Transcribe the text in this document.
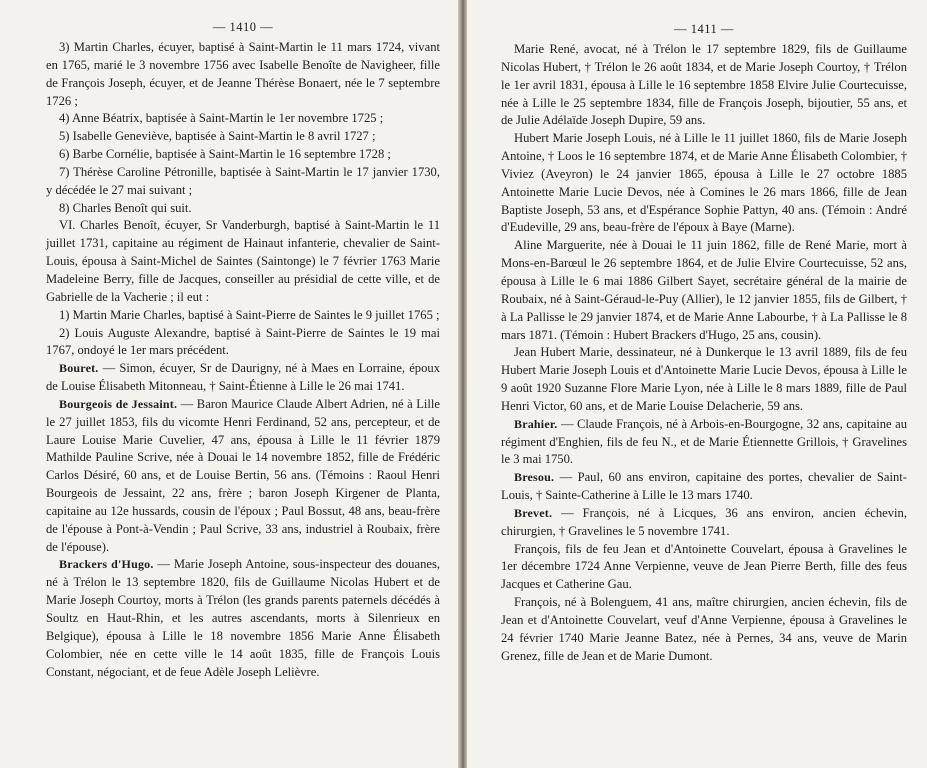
— 1410 —

3) Martin Charles, écuyer, baptisé à Saint-Martin le 11 mars 1724, vivant en 1765, marié le 3 novembre 1756 avec Isabelle Benoîte de Navigheer, fille de François Joseph, écuyer, et de Jeanne Thérèse Bonaert, née le 7 septembre 1726 ;

4) Anne Béatrix, baptisée à Saint-Martin le 1er novembre 1725 ;

5) Isabelle Geneviève, baptisée à Saint-Martin le 8 avril 1727 ;

6) Barbe Cornélie, baptisée à Saint-Martin le 16 septembre 1728 ;

7) Thérèse Caroline Pétronille, baptisée à Saint-Martin le 17 janvier 1730, y décédée le 27 mai suivant ;

8) Charles Benoît qui suit.

VI. Charles Benoît, écuyer, Sr Vanderburgh, baptisé à Saint-Martin le 11 juillet 1731, capitaine au régiment de Hainaut infanterie, chevalier de Saint-Louis, épousa à Saint-Michel de Saintes (Saintonge) le 7 février 1763 Marie Madeleine Berry, fille de Jacques, conseiller au présidial de cette ville, et de Gabrielle de la Vacherie ; il eut :

1) Martin Marie Charles, baptisé à Saint-Pierre de Saintes le 9 juillet 1765 ;

2) Louis Auguste Alexandre, baptisé à Saint-Pierre de Saintes le 19 mai 1767, ondoyé le 1er mars précédent.

Bouret. — Simon, écuyer, Sr de Daurigny, né à Maes en Lorraine, époux de Louise Élisabeth Mitonneau, † Saint-Étienne à Lille le 26 mai 1741.

Bourgeois de Jessaint. — Baron Maurice Claude Albert Adrien, né à Lille le 27 juillet 1853, fils du vicomte Henri Ferdinand, 52 ans, percepteur, et de Laure Louise Marie Cuvelier, 47 ans, épousa à Lille le 11 février 1879 Mathilde Pauline Scrive, née à Douai le 14 novembre 1852, fille de Frédéric Carlos Désiré, 60 ans, et de Louise Bertin, 56 ans. (Témoins : Raoul Henri Bourgeois de Jessaint, 22 ans, frère ; baron Joseph Kirgener de Planta, capitaine au 12e hussards, cousin de l'époux ; Paul Bossut, 48 ans, beau-frère de l'épouse à Pont-à-Vendin ; Paul Scrive, 33 ans, industriel à Roubaix, frère de l'épouse).

Brackers d'Hugo. — Marie Joseph Antoine, sous-inspecteur des douanes, né à Trélon le 13 septembre 1820, fils de Guillaume Nicolas Hubert et de Marie Joseph Courtoy, morts à Trélon (les grands parents paternels décédés à Soultz en Haut-Rhin, et les autres ascendants, morts à Silenrieux en Belgique), épousa à Lille le 18 novembre 1856 Marie Anne Élisabeth Colombier, née en cette ville le 14 août 1835, fille de François Louis Constant, négociant, et de feue Adèle Joseph Lelièvre.

— 1411 —

Marie René, avocat, né à Trélon le 17 septembre 1829, fils de Guillaume Nicolas Hubert, † Trélon le 26 août 1834, et de Marie Joseph Courtoy, † Trélon le 1er avril 1831, épousa à Lille le 16 septembre 1858 Elvire Julie Courtecuisse, née à Lille le 25 septembre 1834, fille de François Joseph, bijoutier, 55 ans, et de Julie Adélaïde Joseph Dupire, 59 ans.

Hubert Marie Joseph Louis, né à Lille le 11 juillet 1860, fils de Marie Joseph Antoine, † Loos le 16 septembre 1874, et de Marie Anne Élisabeth Colombier, † Viviez (Aveyron) le 24 janvier 1865, épousa à Lille le 27 octobre 1885 Antoinette Marie Lucie Devos, née à Comines le 26 mars 1866, fille de Jean Baptiste Joseph, 53 ans, et d'Espérance Sophie Pattyn, 40 ans. (Témoin : André d'Eudeville, 29 ans, beau-frère de l'époux à Baye (Marne).

Aline Marguerite, née à Douai le 11 juin 1862, fille de René Marie, mort à Mons-en-Barœul le 26 septembre 1864, et de Julie Elvire Courtecuisse, 52 ans, épousa à Lille le 6 mai 1886 Gilbert Sayet, secrétaire général de la mairie de Roubaix, né à Saint-Géraud-le-Puy (Allier), le 12 janvier 1855, fils de Gilbert, † à La Pallisse le 29 janvier 1874, et de Marie Anne Labourbe, † à La Pallisse le 8 mars 1871. (Témoin : Hubert Brackers d'Hugo, 25 ans, cousin).

Jean Hubert Marie, dessinateur, né à Dunkerque le 13 avril 1889, fils de feu Hubert Marie Joseph Louis et d'Antoinette Marie Lucie Devos, épousa à Lille le 9 août 1920 Suzanne Flore Marie Lyon, née à Lille le 8 mars 1889, fille de Paul Henri Victor, 60 ans, et de Marie Louise Delacherie, 59 ans.

Brahier. — Claude François, né à Arbois-en-Bourgogne, 32 ans, capitaine au régiment d'Enghien, fils de feu N., et de Marie Étiennette Grillois, † Gravelines le 3 mai 1750.

Bresou. — Paul, 60 ans environ, capitaine des portes, chevalier de Saint-Louis, † Sainte-Catherine à Lille le 13 mars 1740.

Brevet. — François, né à Licques, 36 ans environ, ancien échevin, chirurgien, † Gravelines le 5 novembre 1741.

François, fils de feu Jean et d'Antoinette Couvelart, épousa à Gravelines le 1er décembre 1724 Anne Verpienne, veuve de Jean Pierre Berth, fille des feus Jacques et Catherine Gau.

François, né à Bolenguem, 41 ans, maître chirurgien, ancien échevin, fils de Jean et d'Antoinette Couvelart, veuf d'Anne Verpienne, épousa à Gravelines le 24 février 1740 Marie Jeanne Batez, née à Pernes, 34 ans, veuve de Marin Grenez, fille de Jean et de Marie Dumont.
